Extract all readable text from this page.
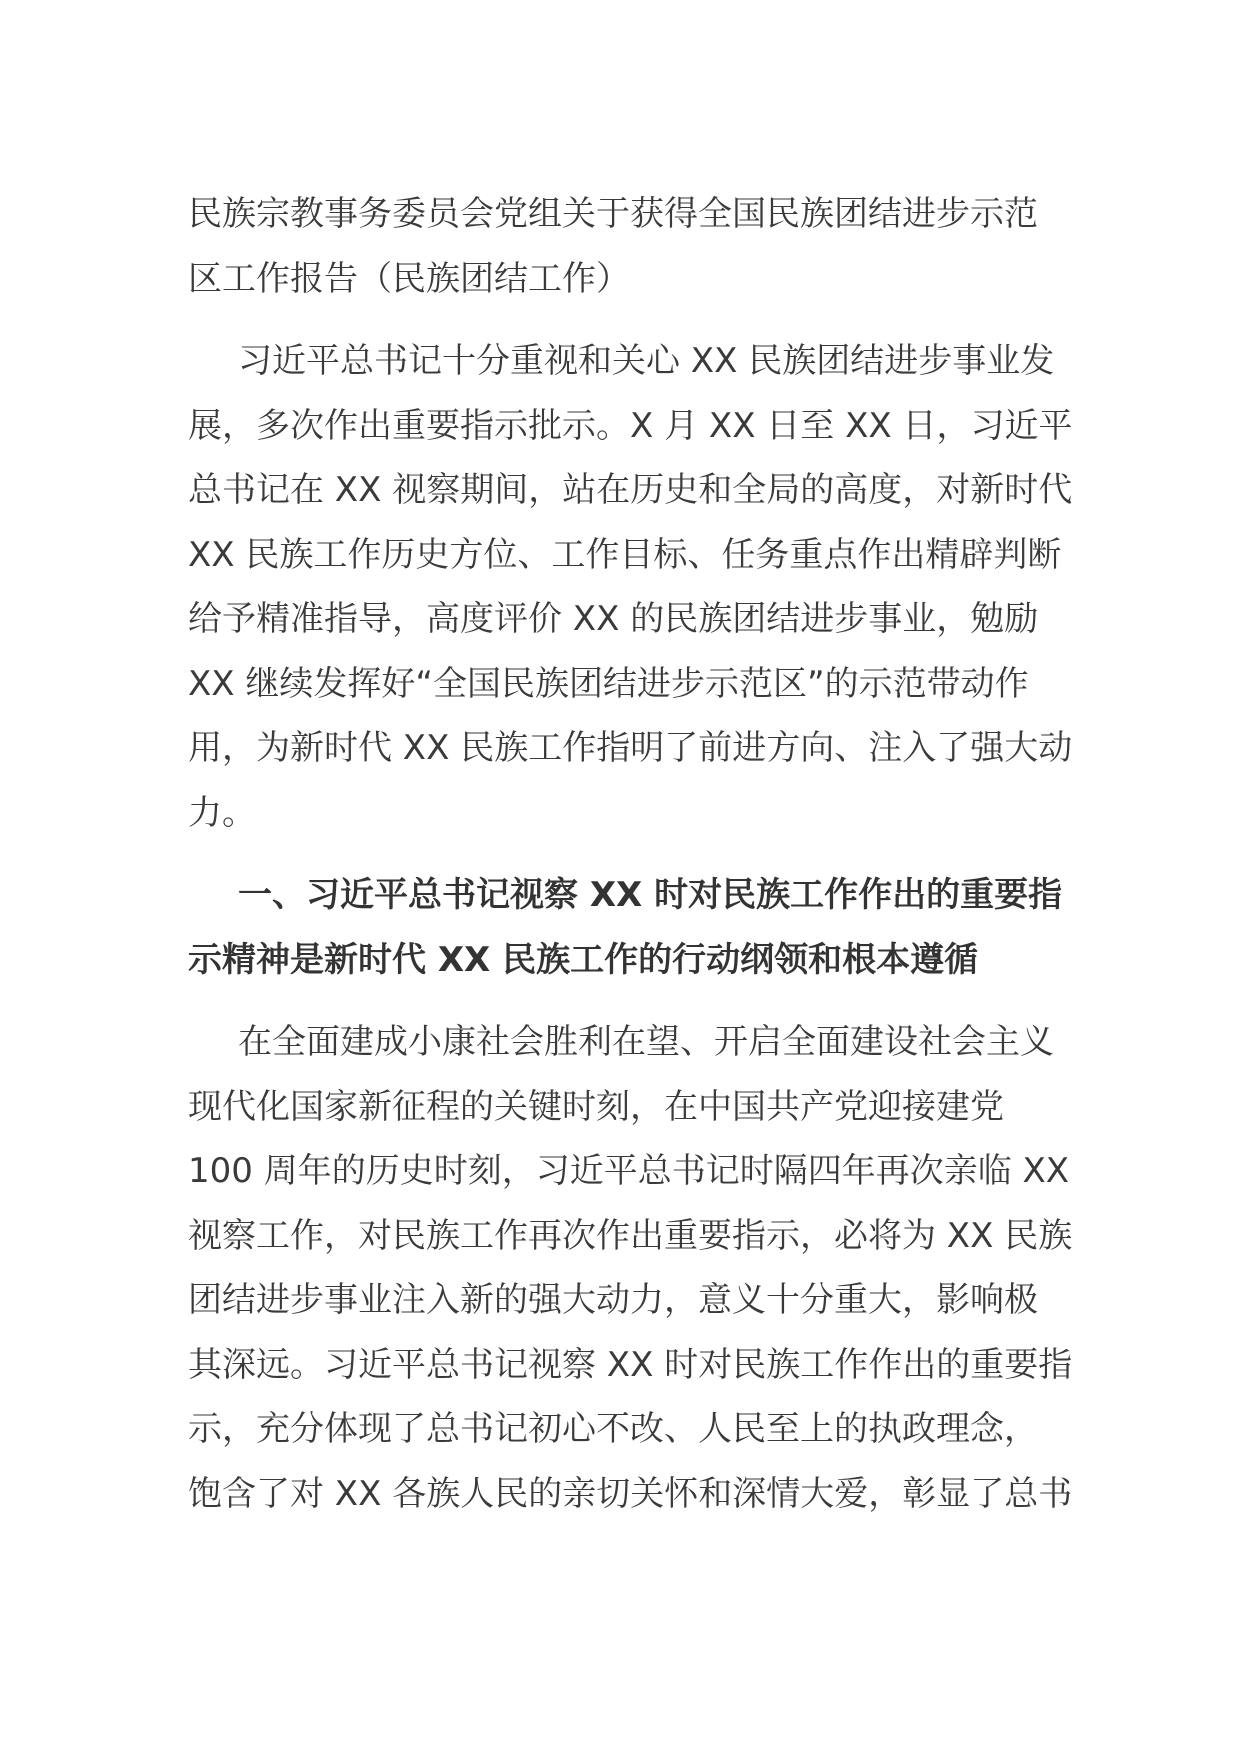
民族宗教事务委员会党组关于获得全国民族团结进步示范
区工作报告（民族团结工作）
习近平总书记十分重视和关心 XX 民族团结进步事业发
展，多次作出重要指示批示。X 月 XX 日至 XX 日，习近平
总书记在 XX 视察期间，站在历史和全局的高度，对新时代
XX 民族工作历史方位、工作目标、任务重点作出精辟判断
给予精准指导，高度评价 XX 的民族团结进步事业，勉励
XX 继续发挥好“全国民族团结进步示范区”的示范带动作
用，为新时代 XX 民族工作指明了前进方向、注入了强大动
力。
一、习近平总书记视察 XX 时对民族工作作出的重要指
示精神是新时代 XX 民族工作的行动纲领和根本遵循
在全面建成小康社会胜利在望、开启全面建设社会主义
现代化国家新征程的关键时刻，在中国共产党迎接建党
100 周年的历史时刻，习近平总书记时隔四年再次亲临 XX
视察工作，对民族工作再次作出重要指示，必将为 XX 民族
团结进步事业注入新的强大动力，意义十分重大，影响极
其深远。习近平总书记视察 XX 时对民族工作作出的重要指
示，充分体现了总书记初心不改、人民至上的执政理念，
饱含了对 XX 各族人民的亲切关怀和深情大爱，彰显了总书
